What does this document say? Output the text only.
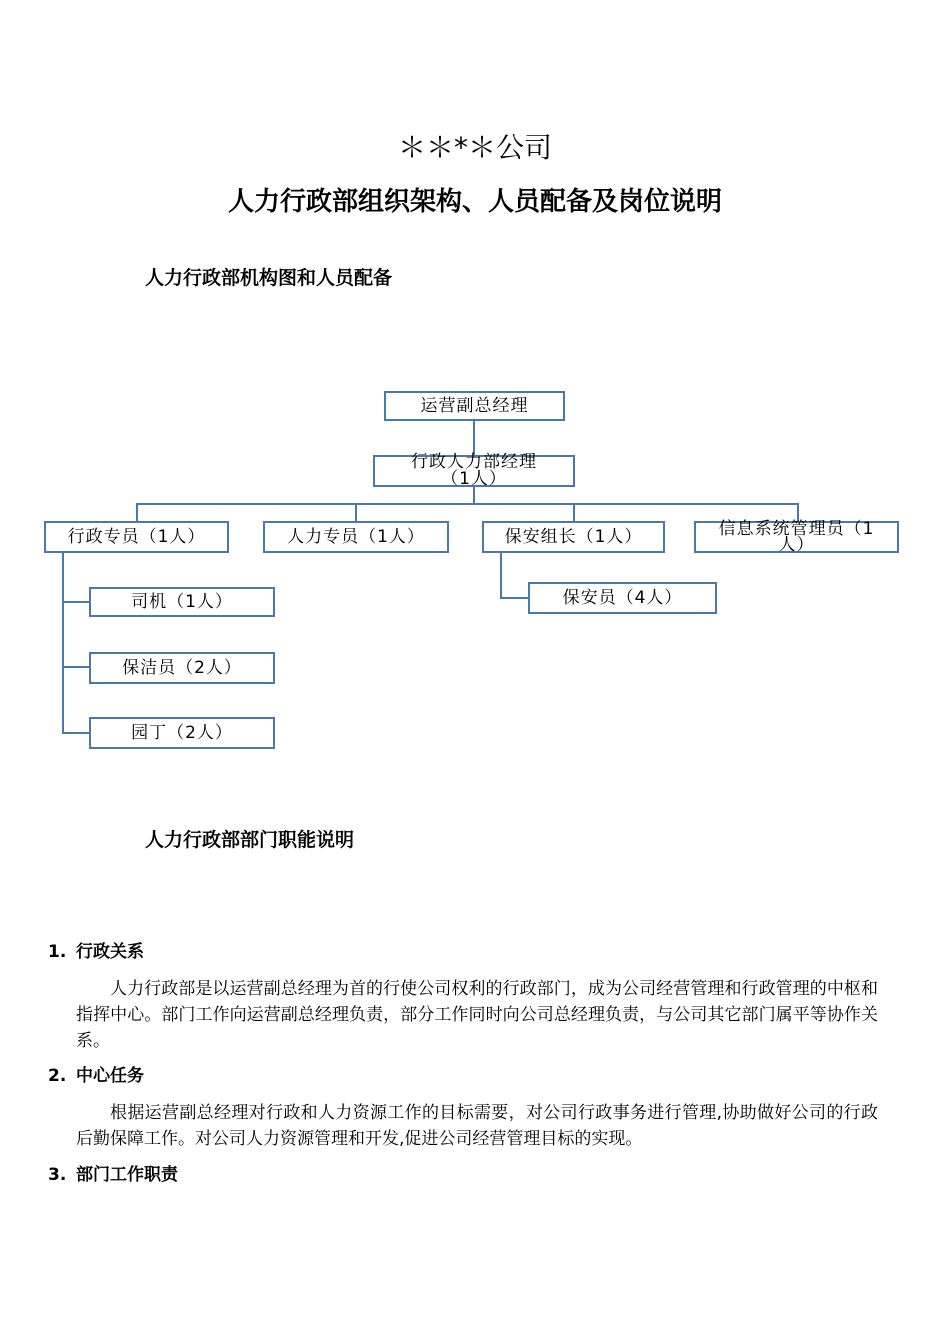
＊＊*＊公司
人力行政部组织架构、人员配备及岗位说明
人力行政部机构图和人员配备
运营副总经理
行政人力部经理
（1人）
行政专员（1人）	人力专员（1人）	保安组长（1人）	信息系统管理员（1
人）
司机（1人）
保洁员（2人）
园丁（2人）
保安员（4人）
人力行政部部门职能说明
1. 行政关系
人力行政部是以运营副总经理为首的行使公司权利的行政部门，成为公司经营管理和行政管理的中枢和指挥中心。部门工作向运营副总经理负责，部分工作同时向公司总经理负责，与公司其它部门属平等协作关系。
2. 中心任务
根据运营副总经理对行政和人力资源工作的目标需要，对公司行政事务进行管理,协助做好公司的行政后勤保障工作。对公司人力资源管理和开发,促进公司经营管理目标的实现。
3. 部门工作职责
